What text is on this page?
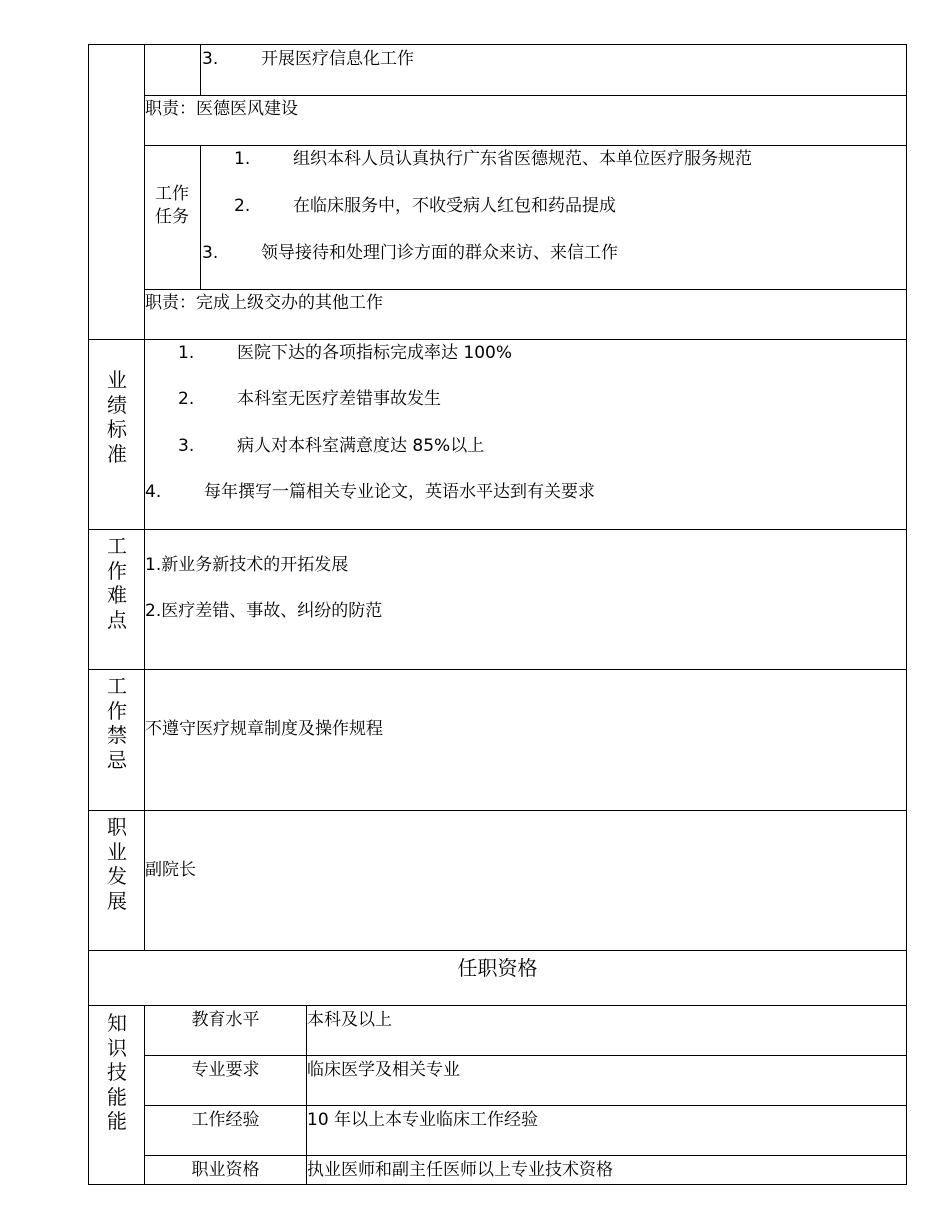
3.	开展医疗信息化工作
职责：医德医风建设
工作
任务
1.	组织本科人员认真执行广东省医德规范、本单位医疗服务规范
2.	在临床服务中，不收受病人红包和药品提成
3.	领导接待和处理门诊方面的群众来访、来信工作
职责：完成上级交办的其他工作
业
绩
标
准
1.	医院下达的各项指标完成率达 100%
2.	本科室无医疗差错事故发生
3.	病人对本科室满意度达 85%以上
4.	每年撰写一篇相关专业论文，英语水平达到有关要求
工
作
难
点
1.新业务新技术的开拓发展
2.医疗差错、事故、纠纷的防范
工
作
禁
忌
不遵守医疗规章制度及操作规程
职
业
发
展
副院长
任职资格
知
识
技
能
能
教育水平	本科及以上
专业要求	临床医学及相关专业
工作经验	10 年以上本专业临床工作经验
职业资格	执业医师和副主任医师以上专业技术资格
